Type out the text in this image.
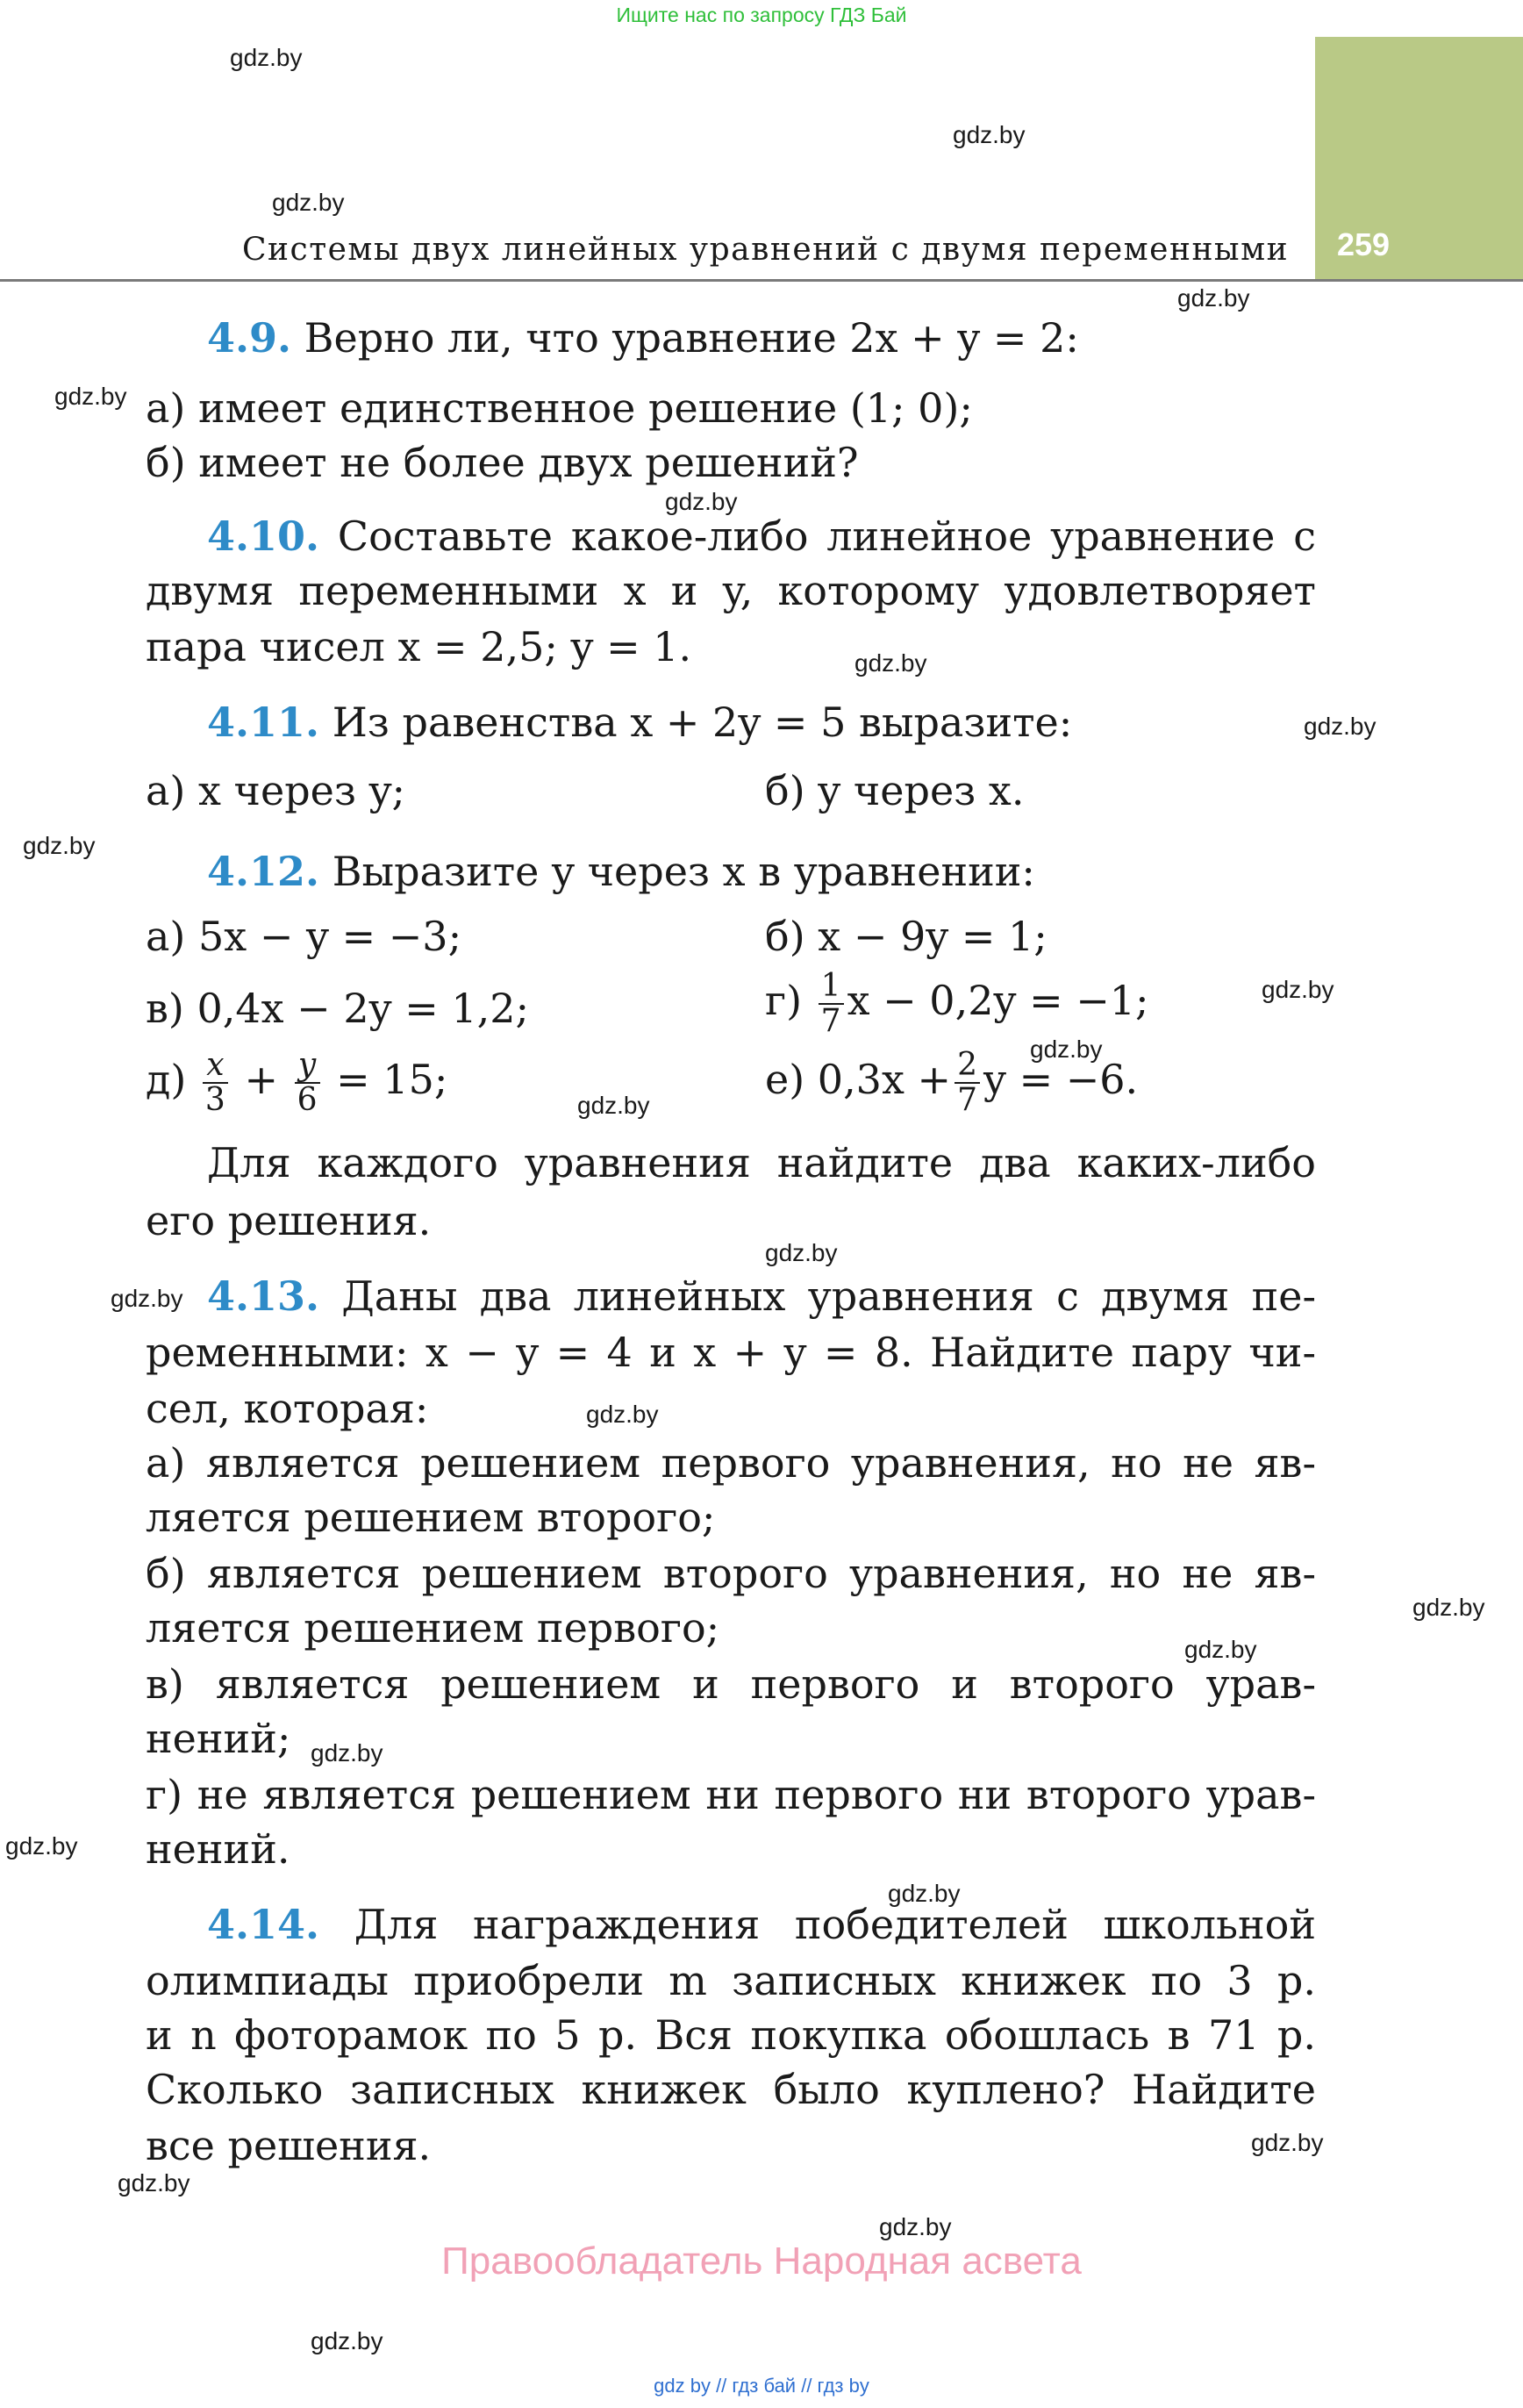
Ищите нас по запросу ГДЗ Бай
259
Системы двух линейных уравнений с двумя переменными
gdz.by
gdz.by
gdz.by
gdz.by
gdz.by
gdz.by
gdz.by
gdz.by
gdz.by
gdz.by
gdz.by
gdz.by
gdz.by
gdz.by
gdz.by
gdz.by
gdz.by
gdz.by
gdz.by
gdz.by
gdz.by
gdz.by
gdz.by
gdz.by
4.9. Верно ли, что уравнение 2x + y = 2:
а) имеет единственное решение (1; 0);
б) имеет не более двух решений?
4.10. Составьте какое-либо линейное уравнение с
двумя переменными x и y, которому удовлетворяет
пара чисел x = 2,5; y = 1.
4.11. Из равенства x + 2y = 5 выразите:
а) x через y;	б) y через x.
4.12. Выразите y через x в уравнении:
а) 5x − y = −3;	б) x − 9y = 1;
в) 0,4x − 2y = 1,2;	$г) \frac{1}{7}$ x − 0,2y = −1;
$д) \frac{x}{3} + \frac{y}{6} = 15$;	е) $0,3x + \frac{2}{7}$ y = −6.
Для каждого уравнения найдите два каких-либо
его решения.
4.13. Даны два линейных уравнения с двумя пе-
ременными: x − y = 4 и x + y = 8. Найдите пару чи-
сел, которая:
а) является решением первого уравнения, но не яв-
ляется решением второго;
б) является решением второго уравнения, но не яв-
ляется решением первого;
в) является решением и первого и второго урав-
нений;
г) не является решением ни первого ни второго урав-
нений.
4.14. Для награждения победителей школьной
олимпиады приобрели m записных книжек по 3 р.
и n фоторамок по 5 р. Вся покупка обошлась в 71 р.
Сколько записных книжек было куплено? Найдите
все решения.
Правообладатель Народная асвета
gdz by // гдз бай // гдз by
